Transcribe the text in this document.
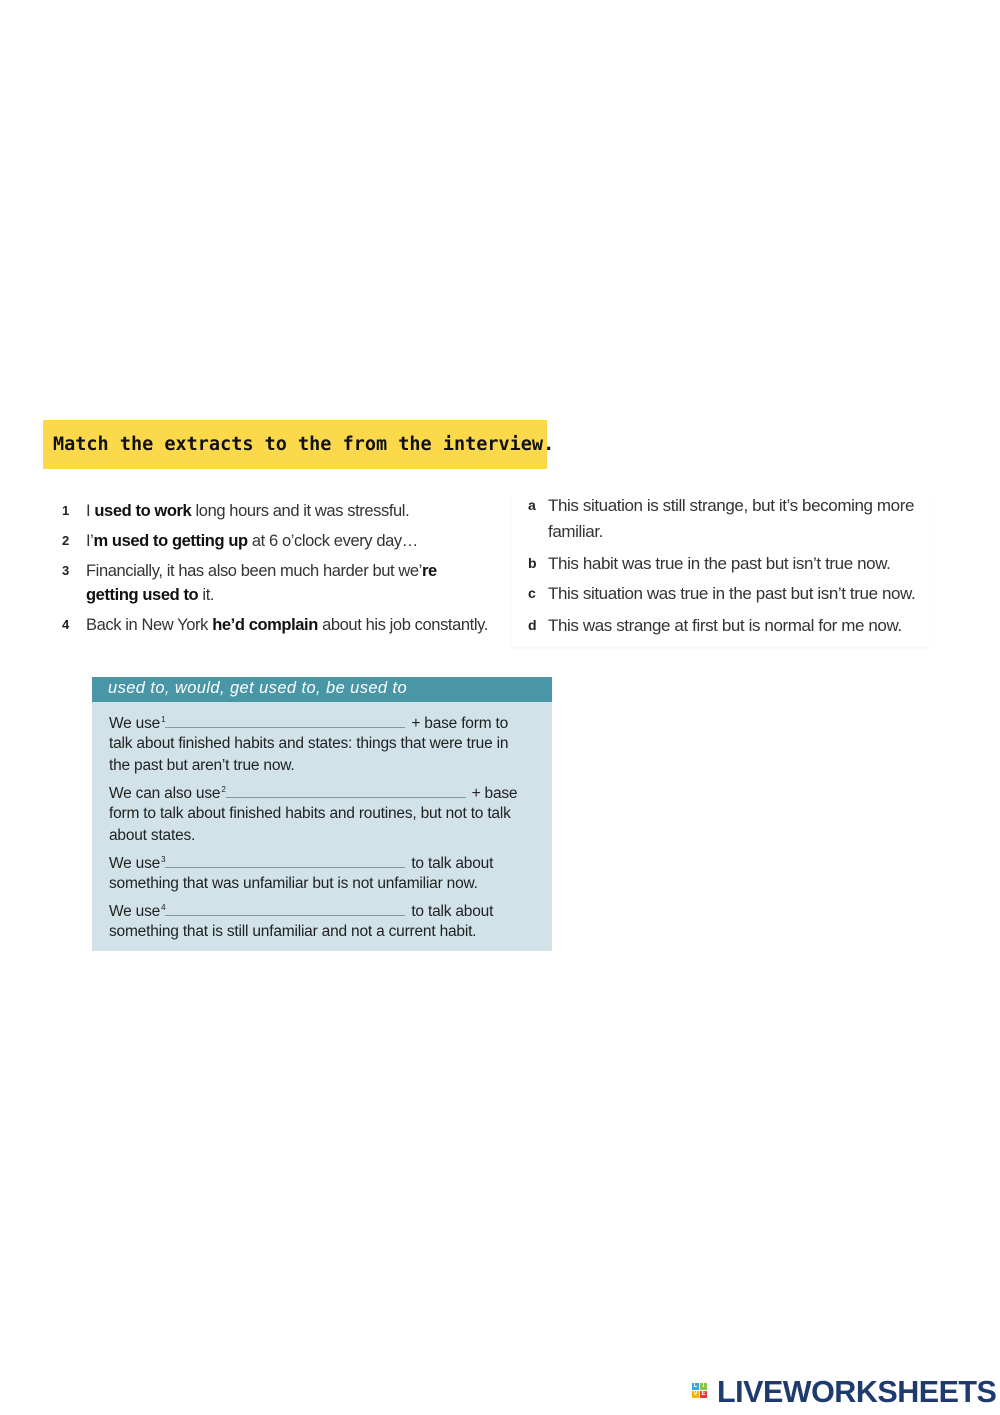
Match the extracts to the from the interview.
1 I used to work long hours and it was stressful.
2 I’m used to getting up at 6 o’clock every day…
3 Financially, it has also been much harder but we’re
getting used to it.
4 Back in New York he’d complain about his job constantly.
a This situation is still strange, but it’s becoming more
familiar.
b This habit was true in the past but isn’t true now.
c This situation was true in the past but isn’t true now.
d This was strange at first but is normal for me now.
used to, would, get used to, be used to
We use$^1$	+ base form to
talk about finished habits and states: things that were true in
the past but aren’t true now.
We can also use$^2$	+ base
form to talk about finished habits and routines, but not to talk
about states.
We use$^3$	to talk about
something that was unfamiliar but is not unfamiliar now.
We use$^4$	to talk about
something that is still unfamiliar and not a current habit.
L I
V E LIVEWORKSHEETS
